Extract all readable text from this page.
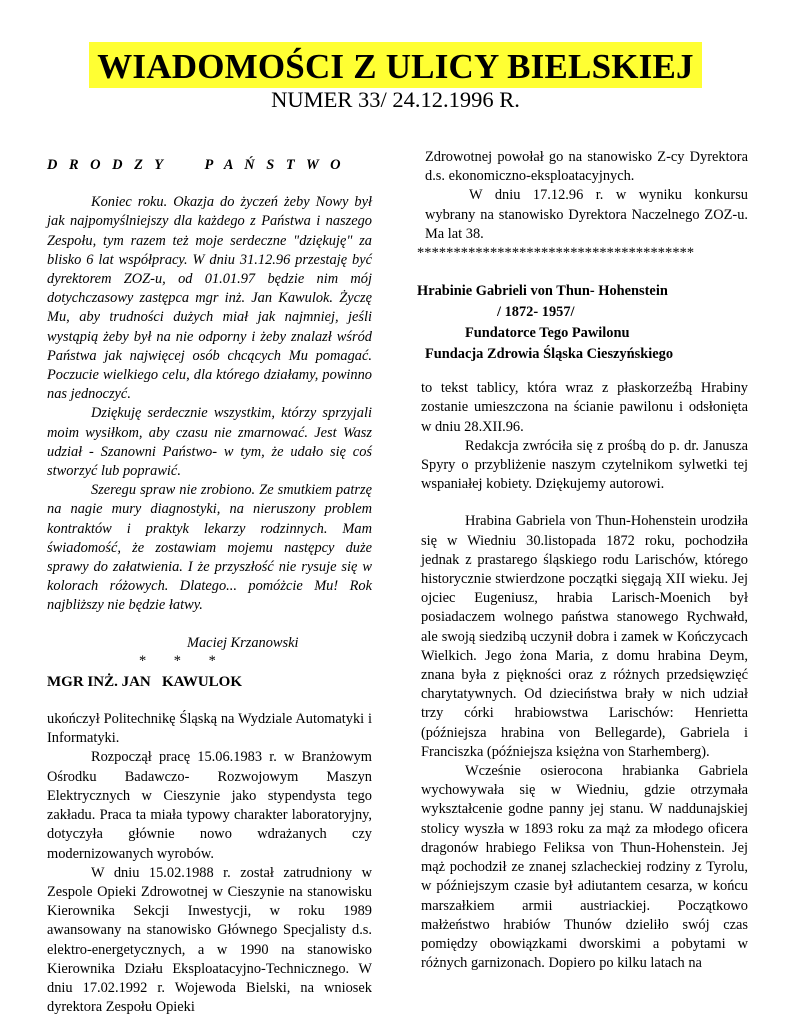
WIADOMOŚCI Z ULICY BIELSKIEJ
NUMER 33/ 24.12.1996 R.

D R O D Z Y     P A Ń S T W O

Koniec roku. Okazja do życzeń żeby Nowy był jak najpomyślniejszy dla każdego z Państwa i naszego Zespołu, tym razem też moje serdeczne "dziękuję" za blisko 6 lat współpracy. W dniu 31.12.96 przestaję być dyrektorem ZOZ-u, od 01.01.97 będzie nim mój dotychczasowy zastępca mgr inż. Jan Kawulok. Życzę Mu, aby trudności dużych miał jak najmniej, jeśli wystąpią żeby był na nie odporny i żeby znalazł wśród Państwa jak najwięcej osób chcących Mu pomagać. Poczucie wielkiego celu, dla którego działamy, powinno nas jednoczyć.

Dziękuję serdecznie wszystkim, którzy sprzyjali moim wysiłkom, aby czasu nie zmarnować. Jest Wasz udział - Szanowni Państwo- w tym, że udało się coś stworzyć lub poprawić.

Szeregu spraw nie zrobiono. Ze smutkiem patrzę na nagie mury diagnostyki, na nieruszony problem kontraktów i praktyk lekarzy rodzinnych. Mam świadomość, że zostawiam mojemu następcy duże sprawy do załatwienia. I że przyszłość nie rysuje się w kolorach różowych. Dlatego... pomóżcie Mu! Rok najbliższy nie będzie łatwy.

Maciej Krzanowski

* * *

MGR INŻ. JAN   KAWULOK

ukończył Politechnikę Śląską na Wydziale Automatyki i Informatyki.

Rozpoczął pracę 15.06.1983 r. w Branżowym Ośrodku Badawczo- Rozwojowym Maszyn Elektrycznych w Cieszynie jako stypendysta tego zakładu. Praca ta miała typowy charakter laboratoryjny, dotyczyła głównie nowo wdrażanych czy modernizowanych wyrobów.

W dniu 15.02.1988 r. został zatrudniony w Zespole Opieki Zdrowotnej w Cieszynie na stanowisku Kierownika Sekcji Inwestycji, w roku 1989 awansowany na stanowisko Głównego Specjalisty d.s. elektro-energetycznych, a w 1990 na stanowisko Kierownika Działu Eksploatacyjno-Technicznego. W dniu 17.02.1992 r. Wojewoda Bielski, na wniosek dyrektora Zespołu Opieki

Zdrowotnej powołał go na stanowisko Z-cy Dyrektora d.s. ekonomiczno-eksploatacyjnych.

W dniu 17.12.96 r. w wyniku konkursu wybrany na stanowisko Dyrektora Naczelnego ZOZ-u. Ma lat 38.

**************************************

Hrabinie Gabrieli von Thun- Hohenstein
/ 1872- 1957/
Fundatorce Tego Pawilonu
Fundacja Zdrowia Śląska Cieszyńskiego

to tekst tablicy, która wraz z płaskorzeźbą Hrabiny zostanie umieszczona na ścianie pawilonu i odsłonięta w dniu 28.XII.96.

Redakcja zwróciła się z prośbą do p. dr. Janusza Spyry o przybliżenie naszym czytelnikom sylwetki tej wspaniałej kobiety. Dziękujemy autorowi.

Hrabina Gabriela von Thun-Hohenstein urodziła się w Wiedniu 30.listopada 1872 roku, pochodziła jednak z prastarego śląskiego rodu Larischów, którego historycznie stwierdzone początki sięgają XII wieku. Jej ojciec Eugeniusz, hrabia Larisch-Moenich był posiadaczem wolnego państwa stanowego Rychwałd, ale swoją siedzibą uczynił dobra i zamek w Kończycach Wielkich. Jego żona Maria, z domu hrabina Deym, znana była z piękności oraz z różnych przedsięwzięć charytatywnych. Od dzieciństwa brały w nich udział trzy córki hrabiowstwa Larischów: Henrietta (późniejsza hrabina von Bellegarde), Gabriela i Franciszka (późniejsza księżna von Starhemberg).

Wcześnie osierocona hrabianka Gabriela wychowywała się w Wiedniu, gdzie otrzymała wykształcenie godne panny jej stanu. W naddunajskiej stolicy wyszła w 1893 roku za mąż za młodego oficera dragonów hrabiego Feliksa von Thun-Hohenstein. Jej mąż pochodził ze znanej szlacheckiej rodziny z Tyrolu, w późniejszym czasie był adiutantem cesarza, w końcu marszałkiem armii austriackiej. Początkowo małżeństwo hrabiów Thunów dzieliło swój czas pomiędzy obowiązkami dworskimi a pobytami w różnych garnizonach. Dopiero po kilku latach na
